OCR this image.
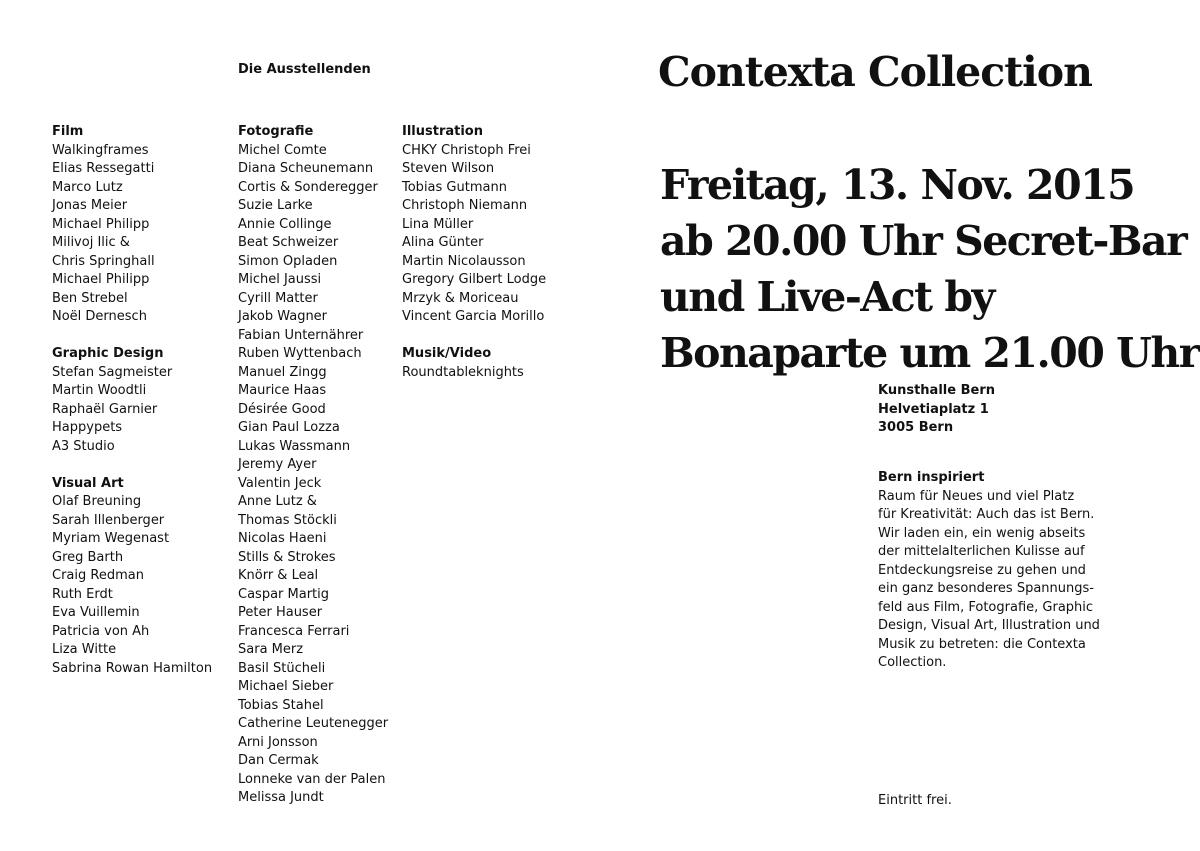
Die Ausstellenden
Film
Walkingframes
Elias Ressegatti
Marco Lutz
Jonas Meier
Michael Philipp
Milivoj Ilic &
Chris Springhall
Michael Philipp
Ben Strebel
Noël Dernesch
Graphic Design
Stefan Sagmeister
Martin Woodtli
Raphaël Garnier
Happypets
A3 Studio
Visual Art
Olaf Breuning
Sarah Illenberger
Myriam Wegenast
Greg Barth
Craig Redman
Ruth Erdt
Eva Vuillemin
Patricia von Ah
Liza Witte
Sabrina Rowan Hamilton
Fotografie
Michel Comte
Diana Scheunemann
Cortis & Sonderegger
Suzie Larke
Annie Collinge
Beat Schweizer
Simon Opladen
Michel Jaussi
Cyrill Matter
Jakob Wagner
Fabian Unternährer
Ruben Wyttenbach
Manuel Zingg
Maurice Haas
Désirée Good
Gian Paul Lozza
Lukas Wassmann
Jeremy Ayer
Valentin Jeck
Anne Lutz &
Thomas Stöckli
Nicolas Haeni
Stills & Strokes
Knörr & Leal
Caspar Martig
Peter Hauser
Francesca Ferrari
Sara Merz
Basil Stücheli
Michael Sieber
Tobias Stahel
Catherine Leutenegger
Arni Jonsson
Dan Cermak
Lonneke van der Palen
Melissa Jundt
Illustration
CHKY Christoph Frei
Steven Wilson
Tobias Gutmann
Christoph Niemann
Lina Müller
Alina Günter
Martin Nicolausson
Gregory Gilbert Lodge
Mrzyk & Moriceau
Vincent Garcia Morillo
Musik/Video
Roundtableknights
Contexta Collection
Freitag, 13. Nov. 2015
ab 20.00 Uhr Secret-Bar
und Live-Act by
Bonaparte um 21.00 Uhr
Kunsthalle Bern
Helvetiaplatz 1
3005 Bern
Bern inspiriert
Raum für Neues und viel Platz
für Kreativität: Auch das ist Bern.
Wir laden ein, ein wenig abseits
der mittelalterlichen Kulisse auf
Entdeckungsreise zu gehen und
ein ganz besonderes Spannungs-
feld aus Film, Fotografie, Graphic
Design, Visual Art, Illustration und
Musik zu betreten: die Contexta
Collection.
Eintritt frei.
